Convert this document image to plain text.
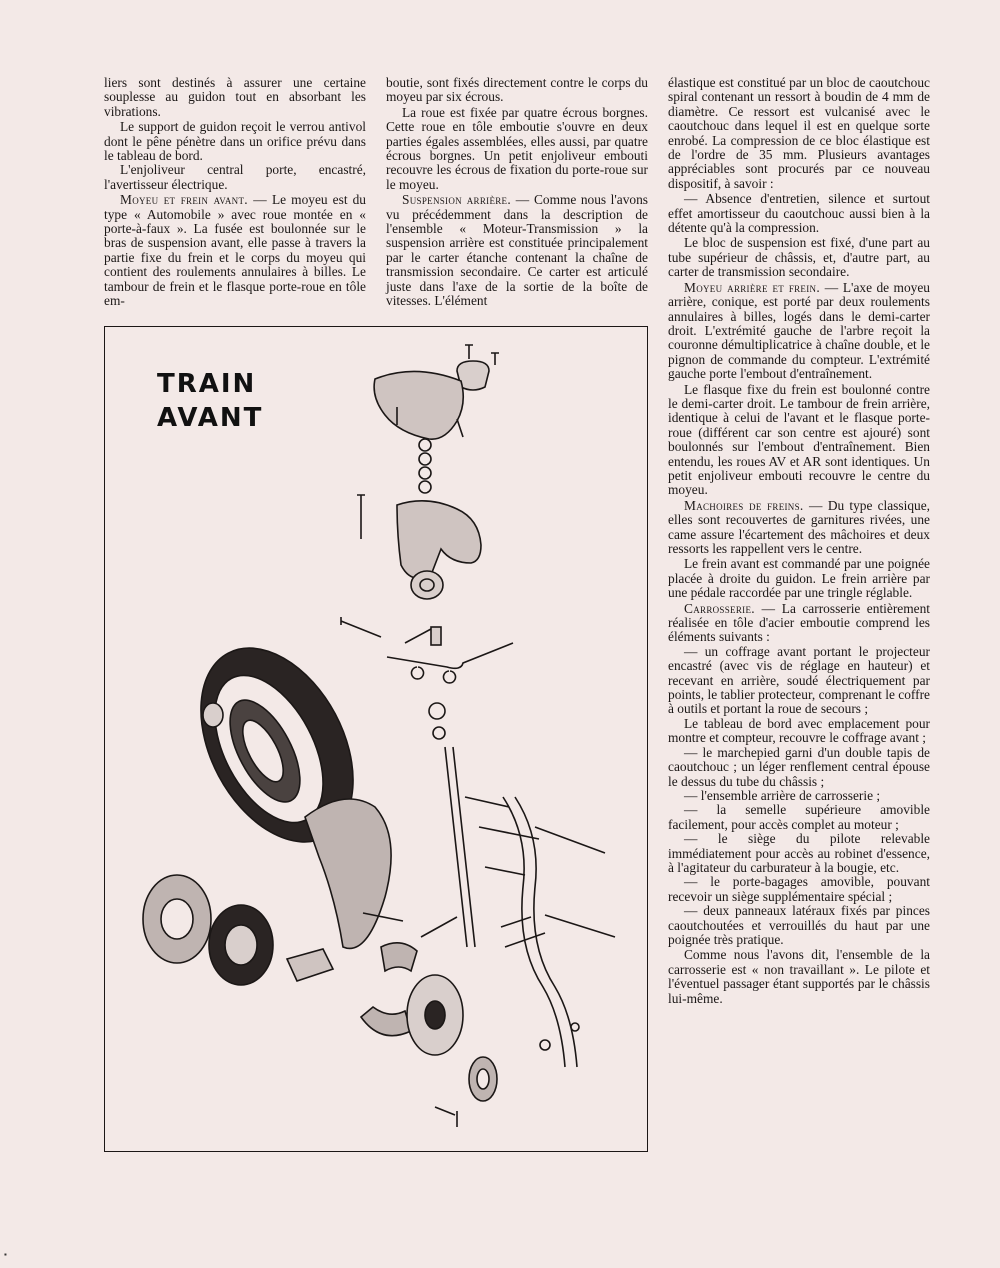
liers sont destinés à assurer une certaine souplesse au guidon tout en absorbant les vibrations.

Le support de guidon reçoit le verrou antivol dont le pêne pénètre dans un orifice prévu dans le tableau de bord.

L'enjoliveur central porte, encastré, l'avertisseur électrique.

Moyeu et frein avant. — Le moyeu est du type « Automobile » avec roue montée en « porte-à-faux ». La fusée est boulonnée sur le bras de suspension avant, elle passe à travers la partie fixe du frein et le corps du moyeu qui contient des roulements annulaires à billes. Le tambour de frein et le flasque porte-roue en tôle em-

boutie, sont fixés directement contre le corps du moyeu par six écrous.

La roue est fixée par quatre écrous borgnes. Cette roue en tôle emboutie s'ouvre en deux parties égales assemblées, elles aussi, par quatre écrous borgnes. Un petit enjoliveur embouti recouvre les écrous de fixation du porte-roue sur le moyeu.

Suspension arrière. — Comme nous l'avons vu précédemment dans la description de l'ensemble « Moteur-Transmission » la suspension arrière est constituée principalement par le carter étanche contenant la chaîne de transmission secondaire. Ce carter est articulé juste dans l'axe de la sortie de la boîte de vitesses. L'élément

élastique est constitué par un bloc de caoutchouc spiral contenant un ressort à boudin de 4 mm de diamètre. Ce ressort est vulcanisé avec le caoutchouc dans lequel il est en quelque sorte enrobé. La compression de ce bloc élastique est de l'ordre de 35 mm. Plusieurs avantages appréciables sont procurés par ce nouveau dispositif, à savoir :

— Absence d'entretien, silence et surtout effet amortisseur du caoutchouc aussi bien à la détente qu'à la compression.

Le bloc de suspension est fixé, d'une part au tube supérieur de châssis, et, d'autre part, au carter de transmission secondaire.

Moyeu arrière et frein. — L'axe de moyeu arrière, conique, est porté par deux roulements annulaires à billes, logés dans le demi-carter droit. L'extrémité gauche de l'arbre reçoit la couronne démultiplicatrice à chaîne double, et le pignon de commande du compteur. L'extrémité gauche porte l'embout d'entraînement.

Le flasque fixe du frein est boulonné contre le demi-carter droit. Le tambour de frein arrière, identique à celui de l'avant et le flasque porte-roue (différent car son centre est ajouré) sont boulonnés sur l'embout d'entraînement. Bien entendu, les roues AV et AR sont identiques. Un petit enjoliveur embouti recouvre le centre du moyeu.

Machoires de freins. — Du type classique, elles sont recouvertes de garnitures rivées, une came assure l'écartement des mâchoires et deux ressorts les rappellent vers le centre.

Le frein avant est commandé par une poignée placée à droite du guidon. Le frein arrière par une pédale raccordée par une tringle réglable.

Carrosserie. — La carrosserie entièrement réalisée en tôle d'acier emboutie comprend les éléments suivants :

— un coffrage avant portant le projecteur encastré (avec vis de réglage en hauteur) et recevant en arrière, soudé électriquement par points, le tablier protecteur, comprenant le coffre à outils et portant la roue de secours ;

Le tableau de bord avec emplacement pour montre et compteur, recouvre le coffrage avant ;

— le marchepied garni d'un double tapis de caoutchouc ; un léger renflement central épouse le dessus du tube du châssis ;

— l'ensemble arrière de carrosserie ;

— la semelle supérieure amovible facilement, pour accès complet au moteur ;

— le siège du pilote relevable immédiatement pour accès au robinet d'essence, à l'agitateur du carburateur à la bougie, etc.

— le porte-bagages amovible, pouvant recevoir un siège supplémentaire spécial ;

— deux panneaux latéraux fixés par pinces caoutchoutées et verrouillés du haut par une poignée très pratique.

Comme nous l'avons dit, l'ensemble de la carrosserie est « non travaillant ». Le pilote et l'éventuel passager étant supportés par le châssis lui-même.

TRAIN
AVANT
▪
